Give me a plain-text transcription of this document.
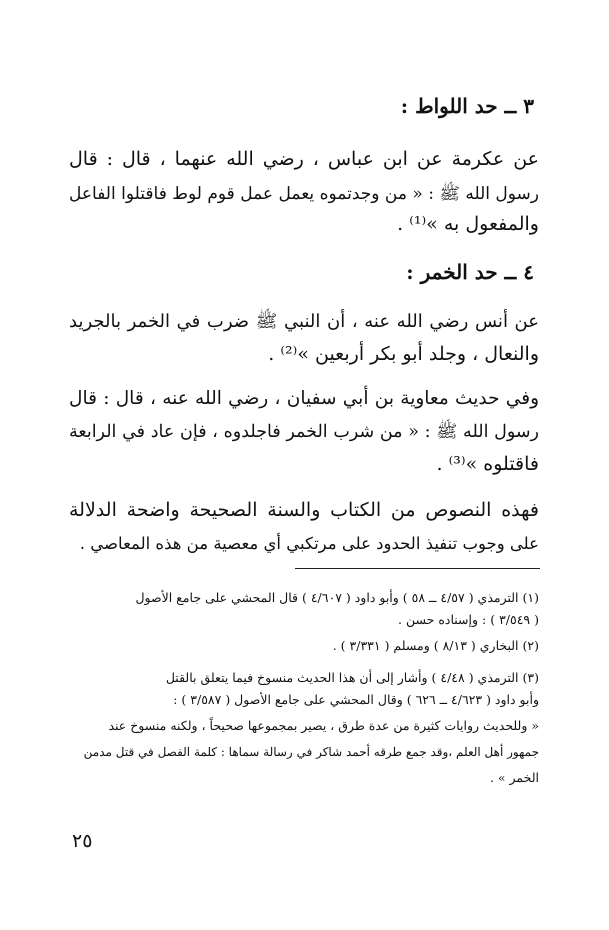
٣ ــ حد اللواط :
عن عكرمة عن ابن عباس ، رضي الله عنهما ، قال : قال
رسول الله ﷺ : « من وجدتموه يعمل عمل قوم لوط فاقتلوا الفاعل
والمفعول به »⁽¹⁾ .
٤ ــ حد الخمر :
عن أنس رضي الله عنه ، أن النبي ﷺ ضرب في الخمر بالجريد
والنعال ، وجلد أبو بكر أربعين »⁽²⁾ .
وفي حديث معاوية بن أبي سفيان ، رضي الله عنه ، قال : قال
رسول الله ﷺ : « من شرب الخمر فاجلدوه ، فإن عاد في الرابعة
فاقتلوه »⁽³⁾ .
فهذه النصوص من الكتاب والسنة الصحيحة واضحة الدلالة
على وجوب تنفيذ الحدود على مرتكبي أي معصية من هذه المعاصي .
(١) الترمذي ( ٤/٥٧ ــ ٥٨ ) وأبو داود ( ٤/٦٠٧ ) قال المحشي على جامع الأصول
( ٣/٥٤٩ ) : وإسناده حسن .
(٢) البخاري ( ٨/١٣ ) ومسلم ( ٣/٣٣١ ) .
(٣) الترمذي ( ٤/٤٨ ) وأشار إلى أن هذا الحديث منسوخ فيما يتعلق بالقتل
وأبو داود ( ٤/٦٢٣ ــ ٦٢٦ ) وقال المحشي على جامع الأصول ( ٣/٥٨٧ ) :
« وللحديث روايات كثيرة من عدة طرق ، يصير بمجموعها صحيحاً ، ولكنه منسوخ عند
جمهور أهل العلم ،وقد جمع طرقه أحمد شاكر في رسالة سماها : كلمة الفصل في قتل مدمن
الخمر » .
٢٥
